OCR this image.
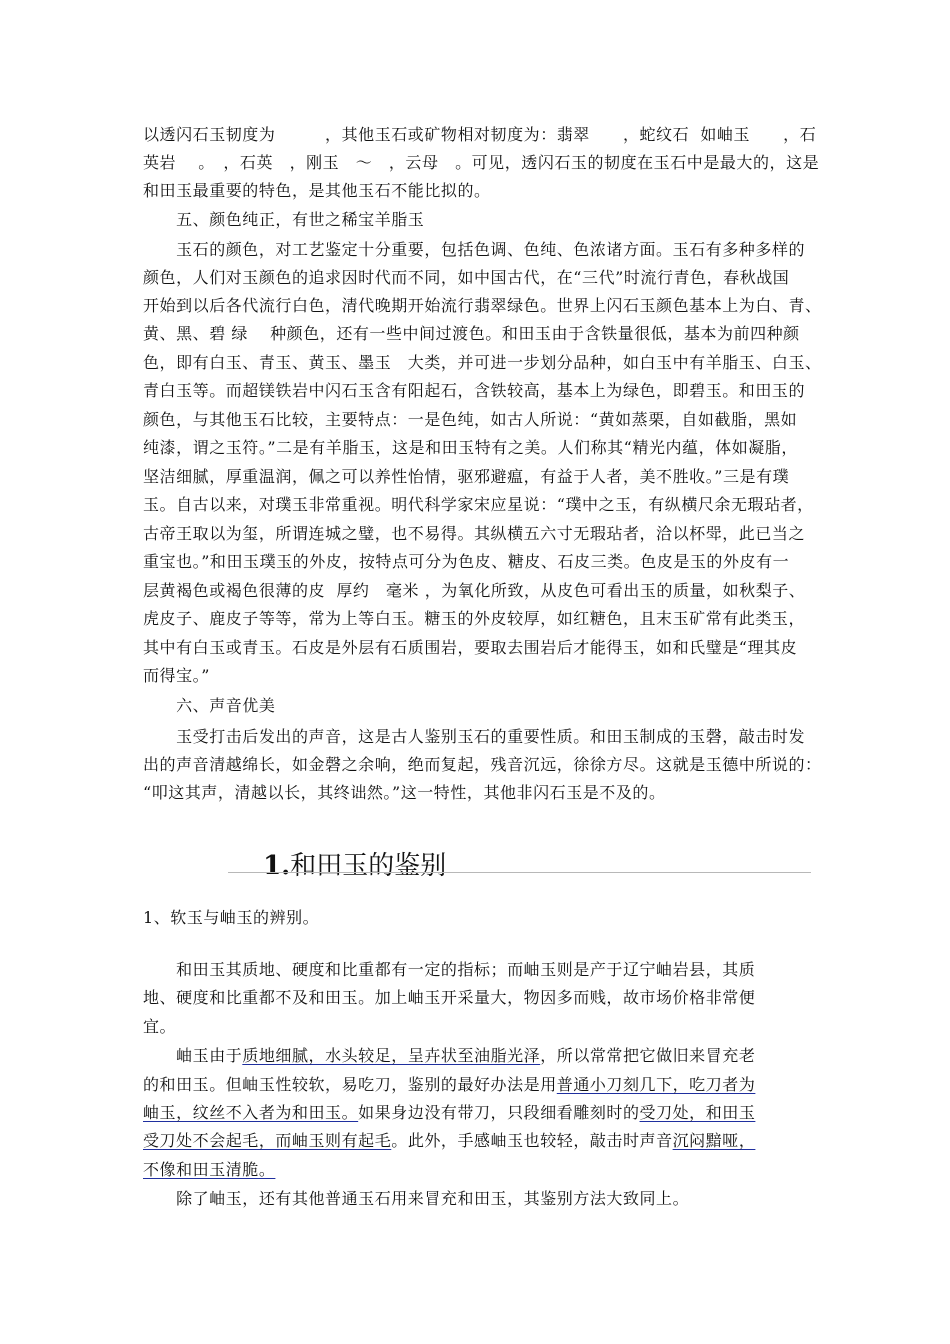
以透闪石玉韧度为　　　，其他玉石或矿物相对韧度为：翡翠　　，蛇纹石  如岫玉　　，石
英岩　 。　，石英　，刚玉　～　，云母　。可见，透闪石玉的韧度在玉石中是最大的，这是
和田玉最重要的特色，是其他玉石不能比拟的。
　　五、颜色纯正，有世之稀宝羊脂玉
　　玉石的颜色，对工艺鉴定十分重要，包括色调、色纯、色浓诸方面。玉石有多种多样的
颜色，人们对玉颜色的追求因时代而不同，如中国古代，在“三代”时流行青色，春秋战国
开始到以后各代流行白色，清代晚期开始流行翡翠绿色。世界上闪石玉颜色基本上为白、青、
黄、黑、碧 绿　 种颜色，还有一些中间过渡色。和田玉由于含铁量很低，基本为前四种颜
色，即有白玉、青玉、黄玉、墨玉　大类，并可进一步划分品种，如白玉中有羊脂玉、白玉、
青白玉等。而超镁铁岩中闪石玉含有阳起石，含铁较高，基本上为绿色，即碧玉。和田玉的
颜色，与其他玉石比较，主要特点：一是色纯，如古人所说：“黄如蒸栗，自如截脂，黑如
纯漆，谓之玉符。”二是有羊脂玉，这是和田玉特有之美。人们称其“精光内蕴，体如凝脂，
坚洁细腻，厚重温润，佩之可以养性怡情，驱邪避瘟，有益于人者，美不胜收。”三是有璞
玉。自古以来，对璞玉非常重视。明代科学家宋应星说：“璞中之玉，有纵横尺余无瑕玷者，
古帝王取以为玺，所谓连城之璧，也不易得。其纵横五六寸无瑕玷者，洽以杯斝，此已当之
重宝也。”和田玉璞玉的外皮，按特点可分为色皮、糖皮、石皮三类。色皮是玉的外皮有一
层黄褐色或褐色很薄的皮  厚约　毫米 ，为氧化所致，从皮色可看出玉的质量，如秋梨子、
虎皮子、鹿皮子等等，常为上等白玉。糖玉的外皮较厚，如红糖色，且末玉矿常有此类玉，
其中有白玉或青玉。石皮是外层有石质围岩，要取去围岩后才能得玉，如和氏璧是“理其皮
而得宝。”
　　六、声音优美
　　玉受打击后发出的声音，这是古人鉴别玉石的重要性质。和田玉制成的玉磬，敲击时发
出的声音清越绵长，如金磬之余响，绝而复起，残音沉远，徐徐方尽。这就是玉德中所说的：
“叩这其声，清越以长，其终诎然。”这一特性，其他非闪石玉是不及的。

1.和田玉的鉴别

1、软玉与岫玉的辨别。
　　和田玉其质地、硬度和比重都有一定的指标；而岫玉则是产于辽宁岫岩县，其质
地、硬度和比重都不及和田玉。加上岫玉开采量大，物因多而贱，故市场价格非常便
宜。
　　岫玉由于质地细腻，水头较足，呈卉状至油脂光泽，所以常常把它做旧来冒充老
的和田玉。但岫玉性较软，易吃刀，鉴别的最好办法是用普通小刀刻几下，吃刀者为
岫玉，纹丝不入者为和田玉。如果身边没有带刀，只段细看雕刻时的受刀处，和田玉
受刀处不会起毛，而岫玉则有起毛。此外，手感岫玉也较轻，敲击时声音沉闷黯哑，
不像和田玉清脆。
　　除了岫玉，还有其他普通玉石用来冒充和田玉，其鉴别方法大致同上。
